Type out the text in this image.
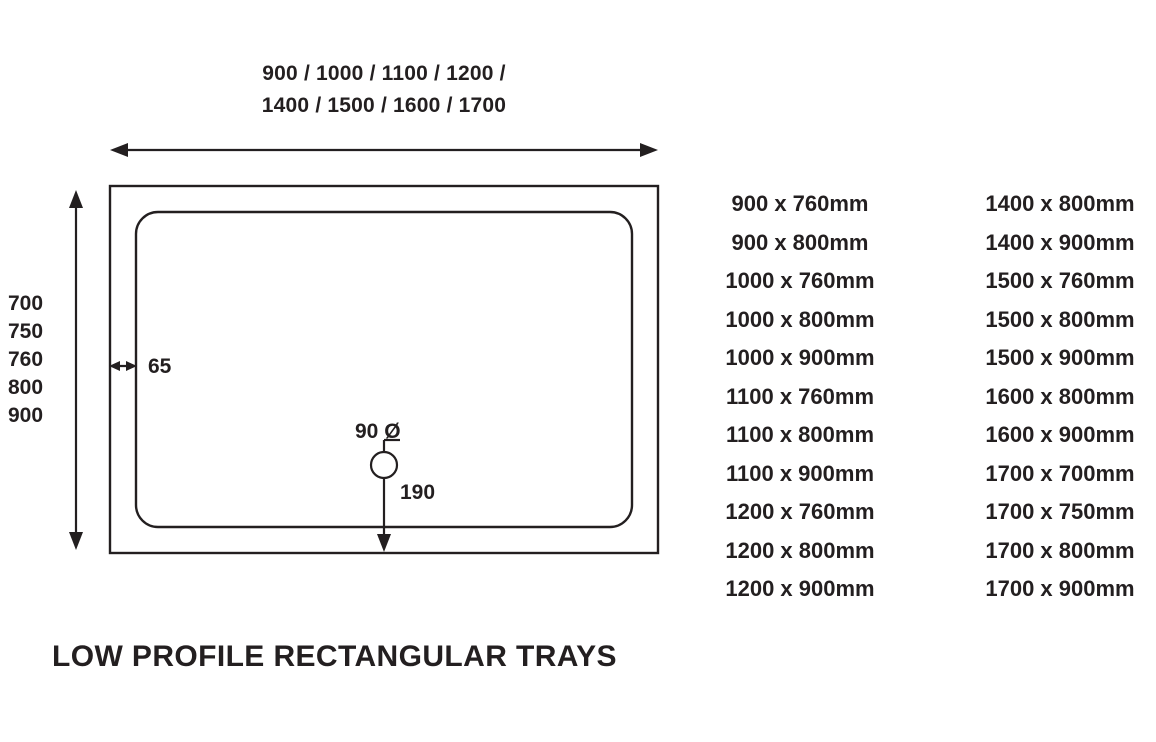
900 / 1000 / 1100 / 1200 /
1400 / 1500 / 1600 / 1700
700
750
760
800
900
65
90 Ø
190
900 x 760mm
900 x 800mm
1000 x 760mm
1000 x 800mm
1000 x 900mm
1100 x 760mm
1100 x 800mm
1100 x 900mm
1200 x 760mm
1200 x 800mm
1200 x 900mm
1400 x 800mm
1400 x 900mm
1500 x 760mm
1500 x 800mm
1500 x 900mm
1600 x 800mm
1600 x 900mm
1700 x 700mm
1700 x 750mm
1700 x 800mm
1700 x 900mm
LOW PROFILE RECTANGULAR TRAYS
